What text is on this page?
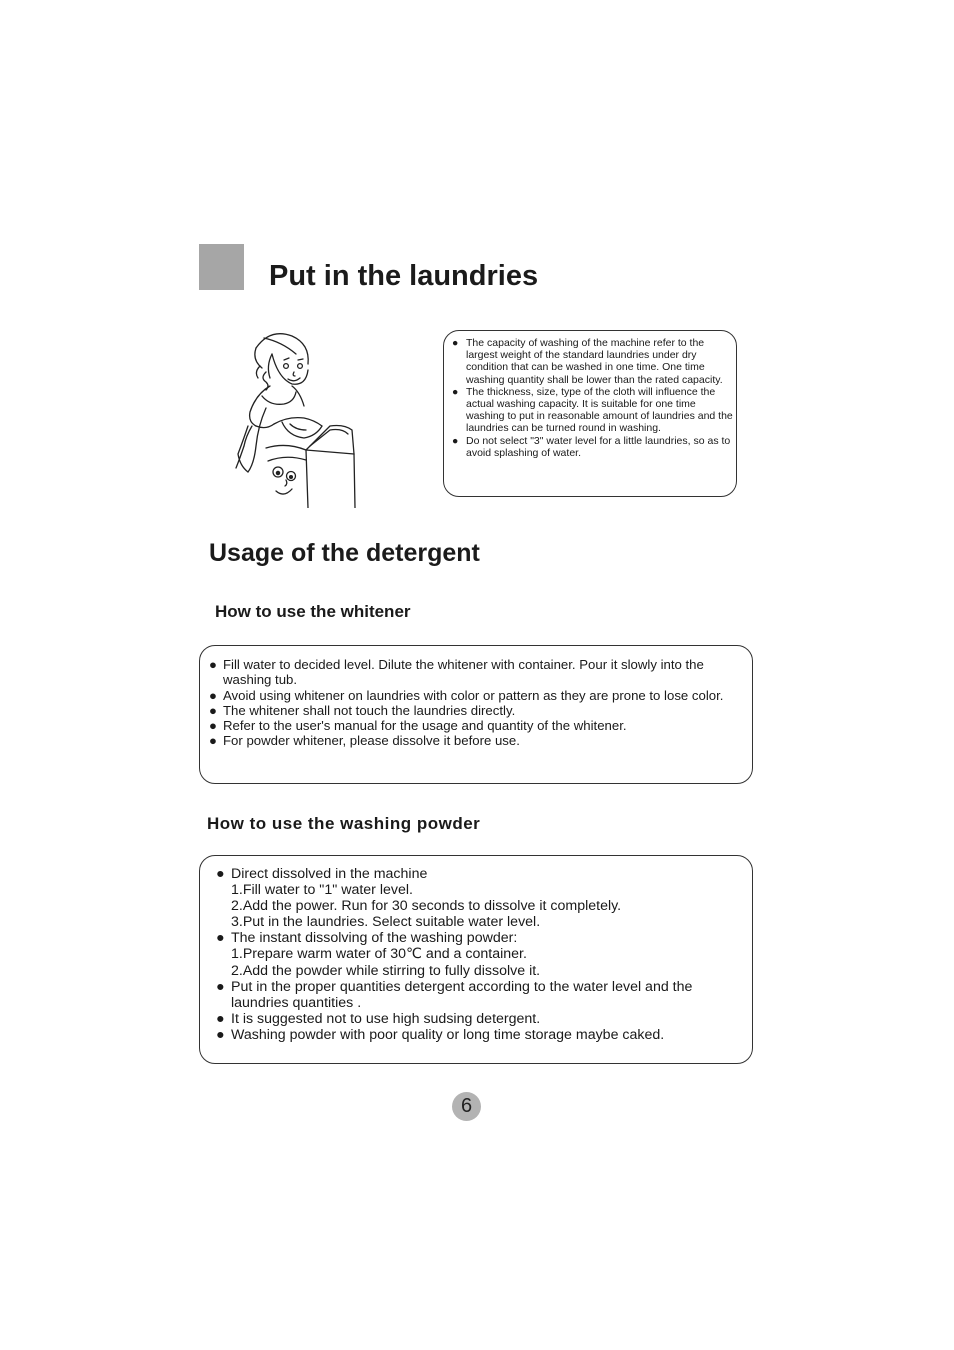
Put in the laundries
● The capacity of washing of the machine refer to the largest weight of the standard laundries under dry condition that can be washed in one time. One time washing quantity shall be lower than the rated capacity.
● The thickness, size, type of the cloth will influence the actual washing capacity. It is suitable for one time washing to put in reasonable amount of laundries and the laundries can be turned round in washing.
● Do not select "3" water level for a little laundries, so as to avoid splashing of water.
Usage of the detergent
How to use the whitener
● Fill water to decided level. Dilute the whitener with container. Pour it slowly into the washing tub.
● Avoid using whitener on laundries with color or pattern as they are prone to lose color.
● The whitener shall not touch the laundries directly.
● Refer to the user's manual for the usage and quantity of the whitener.
● For powder whitener, please dissolve it before use.
How to use the washing powder
● Direct dissolved in the machine
1.Fill water to "1" water level.
2.Add the power. Run for 30 seconds to dissolve it completely.
3.Put in the laundries. Select suitable water level.
● The instant dissolving of the washing powder:
1.Prepare warm water of 30℃ and a container.
2.Add the powder while stirring to fully dissolve it.
● Put in the proper quantities detergent according to the water level and the laundries quantities .
● It is suggested not to use high sudsing detergent.
● Washing powder with poor quality or long time storage maybe caked.
6
